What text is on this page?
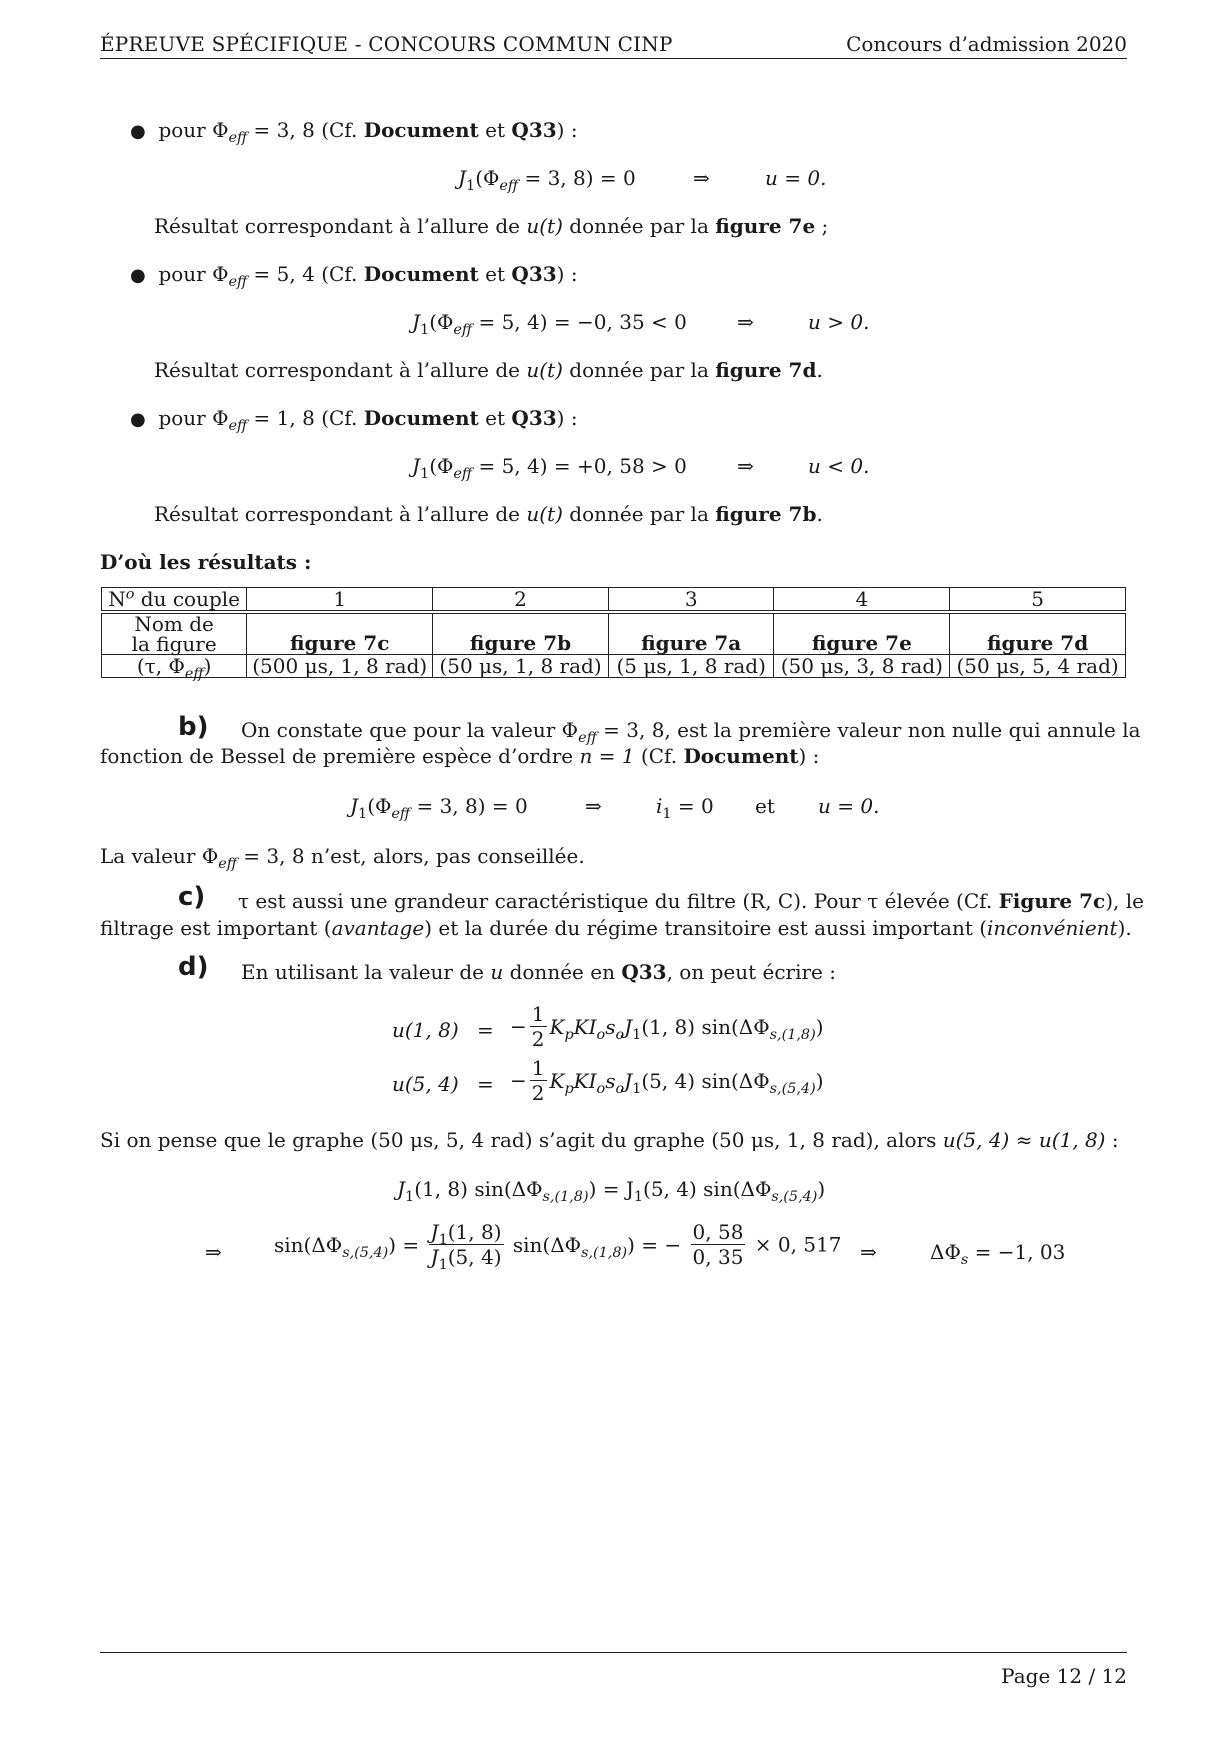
ÉPREUVE SPÉCIFIQUE - CONCOURS COMMUN CINP	Concours d’admission 2020
● pour $\Phi_{eff} = 3$, 8 (Cf. Document et Q33) :
$J_1(\Phi_{eff} = 3$, 8) = 0	⇒	u = 0.
Résultat correspondant à l’allure de u(t) donnée par la figure 7e ;
● pour $\Phi_{eff} = 5$, 4 (Cf. Document et Q33) :
$J_1(\Phi_{eff} = 5$, 4) = −0, 35 < 0	⇒	u > 0.
Résultat correspondant à l’allure de u(t) donnée par la figure 7d.
● pour $\Phi_{eff} = 1$, 8 (Cf. Document et Q33) :
$J_1(\Phi_{eff} = 5$, 4) = +0, 58 > 0	⇒	u < 0.
Résultat correspondant à l’allure de u(t) donnée par la figure 7b.
D’où les résultats :
$N^o$ du couple	1	2	3	4	5

Nom de
la figure	figure 7c	figure 7b	figure 7a	figure 7e	figure 7d
(τ, $\Phi_{eff}$)	(500 μs, 1, 8 rad)	(50 μs, 1, 8 rad)	(5 μs, 1, 8 rad)	(50 μs, 3, 8 rad)	(50 μs, 5, 4 rad)
b) On constate que pour la valeur $\Phi_{eff} = 3$, 8, est la première valeur non nulle qui annule la
fonction de Bessel de première espèce d’ordre n = 1 (Cf. Document) :
$J_1(\Phi_{eff} = 3$, 8) = 0	⇒	$i_1 = 0$ et u = 0.
La valeur $\Phi_{eff} = 3$, 8 n’est, alors, pas conseillée.
c) τ est aussi une grandeur caractéristique du filtre (R, C). Pour τ élevée (Cf. Figure 7c), le
filtrage est important (avantage) et la durée du régime transitoire est aussi important (inconvénient).
d) En utilisant la valeur de u donnée en Q33, on peut écrire :
u(1, 8) = − $\frac{1}{2} K_pKI_os_oJ_1(1$, 8) $\sin(\Delta\Phi_{s,(1,8)})$
u(5, 4) = − $\frac{1}{2} K_pKI_os_oJ_1(5$, 4) $\sin(\Delta\Phi_{s,(5,4)})$
Si on pense que le graphe (50 μs, 5, 4 rad) s’agit du graphe (50 μs, 1, 8 rad), alors u(5, 4) ≈ u(1, 8) :
$J_1(1$, 8) $\sin(\Delta\Phi_{s,(1,8)}) = J_1(5$, 4) $\sin(\Delta\Phi_{s,(5,4)})$
⇒	$\sin(\Delta\Phi_{s,(5,4)}) = \frac{J_1(1, 8)}{J_1(5, 4)} \sin(\Delta\Phi_{s,(1,8)})$ = − $\frac{0, 58}{0, 35} \times 0$, 517 ⇒	$\Delta\Phi_s = -1$, 03
Page 12 / 12
